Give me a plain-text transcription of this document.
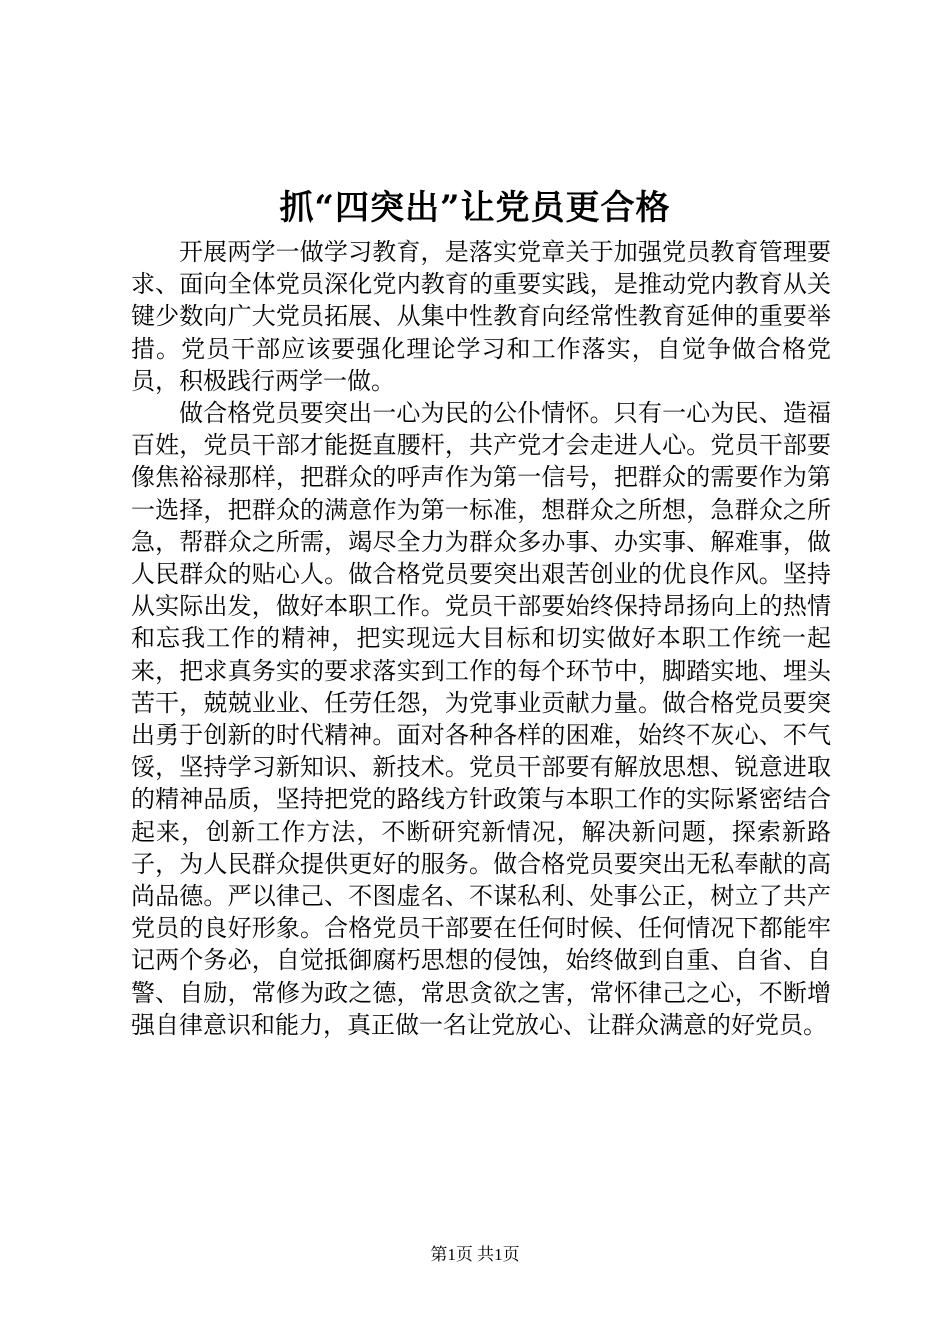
抓“四突出”让党员更合格

开展两学一做学习教育，是落实党章关于加强党员教育管理要求、面向全体党员深化党内教育的重要实践，是推动党内教育从关键少数向广大党员拓展、从集中性教育向经常性教育延伸的重要举措。党员干部应该要强化理论学习和工作落实，自觉争做合格党员，积极践行两学一做。

做合格党员要突出一心为民的公仆情怀。只有一心为民、造福百姓，党员干部才能挺直腰杆，共产党才会走进人心。党员干部要像焦裕禄那样，把群众的呼声作为第一信号，把群众的需要作为第一选择，把群众的满意作为第一标准，想群众之所想，急群众之所急，帮群众之所需，竭尽全力为群众多办事、办实事、解难事，做人民群众的贴心人。做合格党员要突出艰苦创业的优良作风。坚持从实际出发，做好本职工作。党员干部要始终保持昂扬向上的热情和忘我工作的精神，把实现远大目标和切实做好本职工作统一起来，把求真务实的要求落实到工作的每个环节中，脚踏实地、埋头苦干，兢兢业业、任劳任怨，为党事业贡献力量。做合格党员要突出勇于创新的时代精神。面对各种各样的困难，始终不灰心、不气馁，坚持学习新知识、新技术。党员干部要有解放思想、锐意进取的精神品质，坚持把党的路线方针政策与本职工作的实际紧密结合起来，创新工作方法，不断研究新情况，解决新问题，探索新路子，为人民群众提供更好的服务。做合格党员要突出无私奉献的高尚品德。严以律己、不图虚名、不谋私利、处事公正，树立了共产党员的良好形象。合格党员干部要在任何时候、任何情况下都能牢记两个务必，自觉抵御腐朽思想的侵蚀，始终做到自重、自省、自警、自励，常修为政之德，常思贪欲之害，常怀律己之心，不断增强自律意识和能力，真正做一名让党放心、让群众满意的好党员。

第1页 共1页
